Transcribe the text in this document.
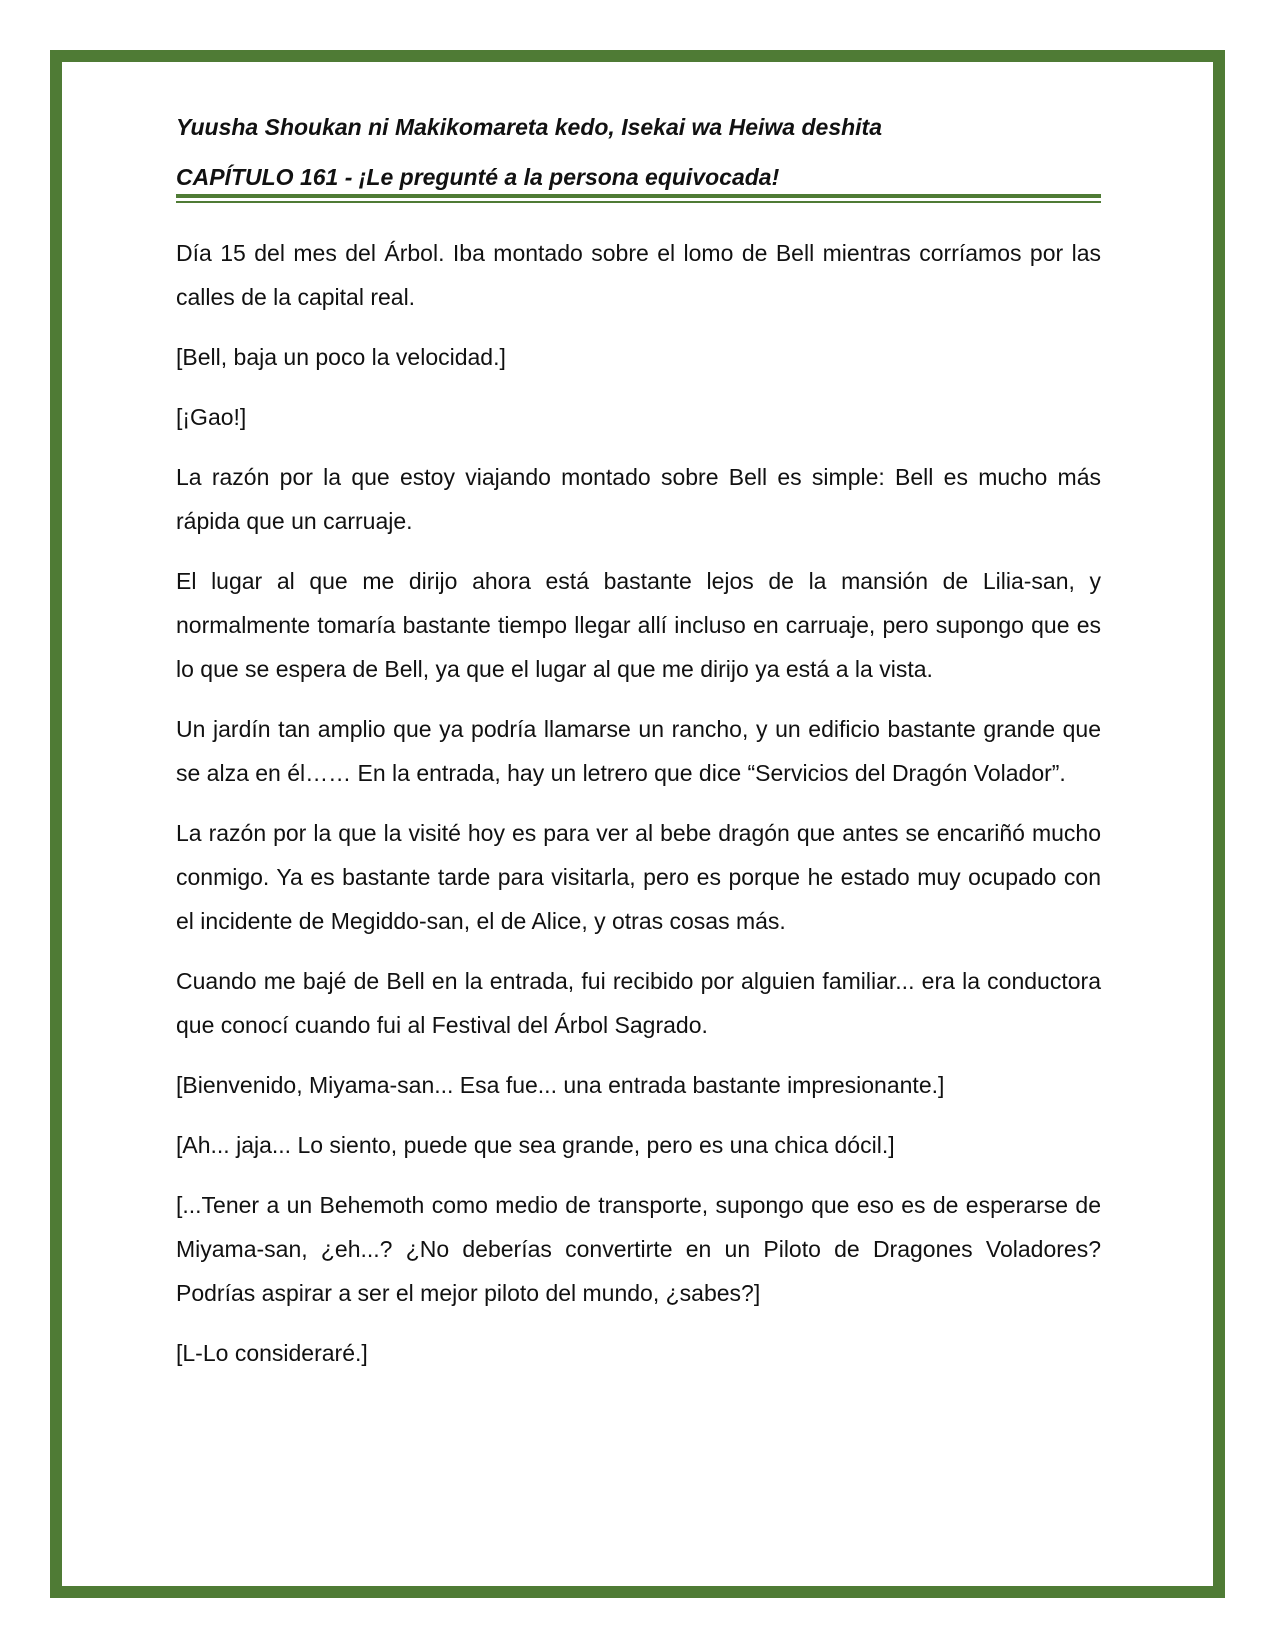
Yuusha Shoukan ni Makikomareta kedo, Isekai wa Heiwa deshita

CAPÍTULO 161 - ¡Le pregunté a la persona equivocada!

Día 15 del mes del Árbol. Iba montado sobre el lomo de Bell mientras corríamos por las calles de la capital real.

[Bell, baja un poco la velocidad.]

[¡Gao!]

La razón por la que estoy viajando montado sobre Bell es simple: Bell es mucho más rápida que un carruaje.

El lugar al que me dirijo ahora está bastante lejos de la mansión de Lilia-san, y normalmente tomaría bastante tiempo llegar allí incluso en carruaje, pero supongo que es lo que se espera de Bell, ya que el lugar al que me dirijo ya está a la vista.

Un jardín tan amplio que ya podría llamarse un rancho, y un edificio bastante grande que se alza en él…… En la entrada, hay un letrero que dice “Servicios del Dragón Volador”.

La razón por la que la visité hoy es para ver al bebe dragón que antes se encariñó mucho conmigo. Ya es bastante tarde para visitarla, pero es porque he estado muy ocupado con el incidente de Megiddo-san, el de Alice, y otras cosas más.

Cuando me bajé de Bell en la entrada, fui recibido por alguien familiar... era la conductora que conocí cuando fui al Festival del Árbol Sagrado.

[Bienvenido, Miyama-san... Esa fue... una entrada bastante impresionante.]

[Ah... jaja... Lo siento, puede que sea grande, pero es una chica dócil.]

[...Tener a un Behemoth como medio de transporte, supongo que eso es de esperarse de Miyama-san, ¿eh...? ¿No deberías convertirte en un Piloto de Dragones Voladores? Podrías aspirar a ser el mejor piloto del mundo, ¿sabes?]

[L-Lo consideraré.]
